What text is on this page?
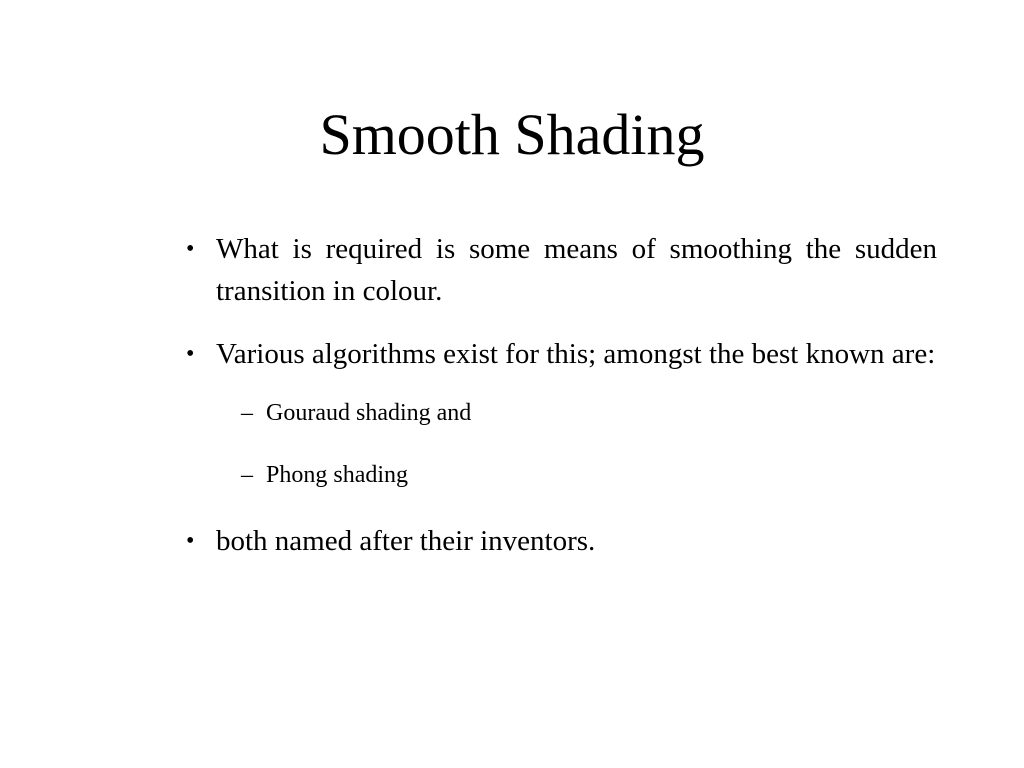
Smooth Shading
• What is required is some means of smoothing the sudden transition in colour.
• Various algorithms exist for this; amongst the best known are:
– Gouraud shading and
– Phong shading
• both named after their inventors.
